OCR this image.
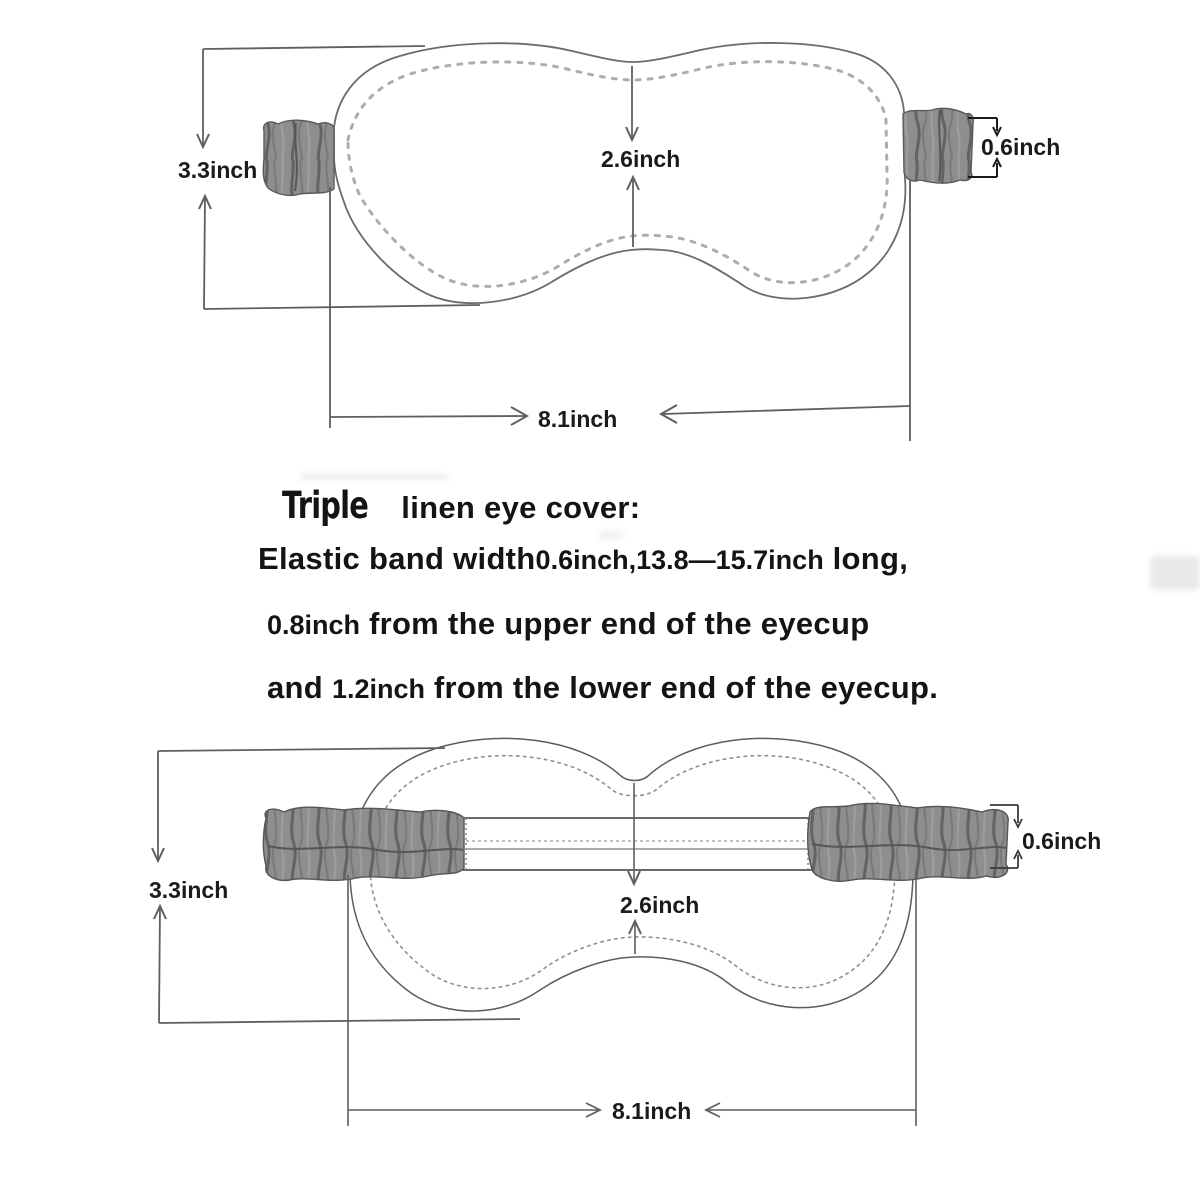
3.3inch	2.6inch	0.6inch
8.1inch
3.3inch
2.6inch
0.6inch
8.1inch
Triple linen eye cover:
Elastic band width0.6inch,13.8—15.7inch long,
0.8inch from the upper end of the eyecup
and 1.2inch from the lower end of the eyecup.
